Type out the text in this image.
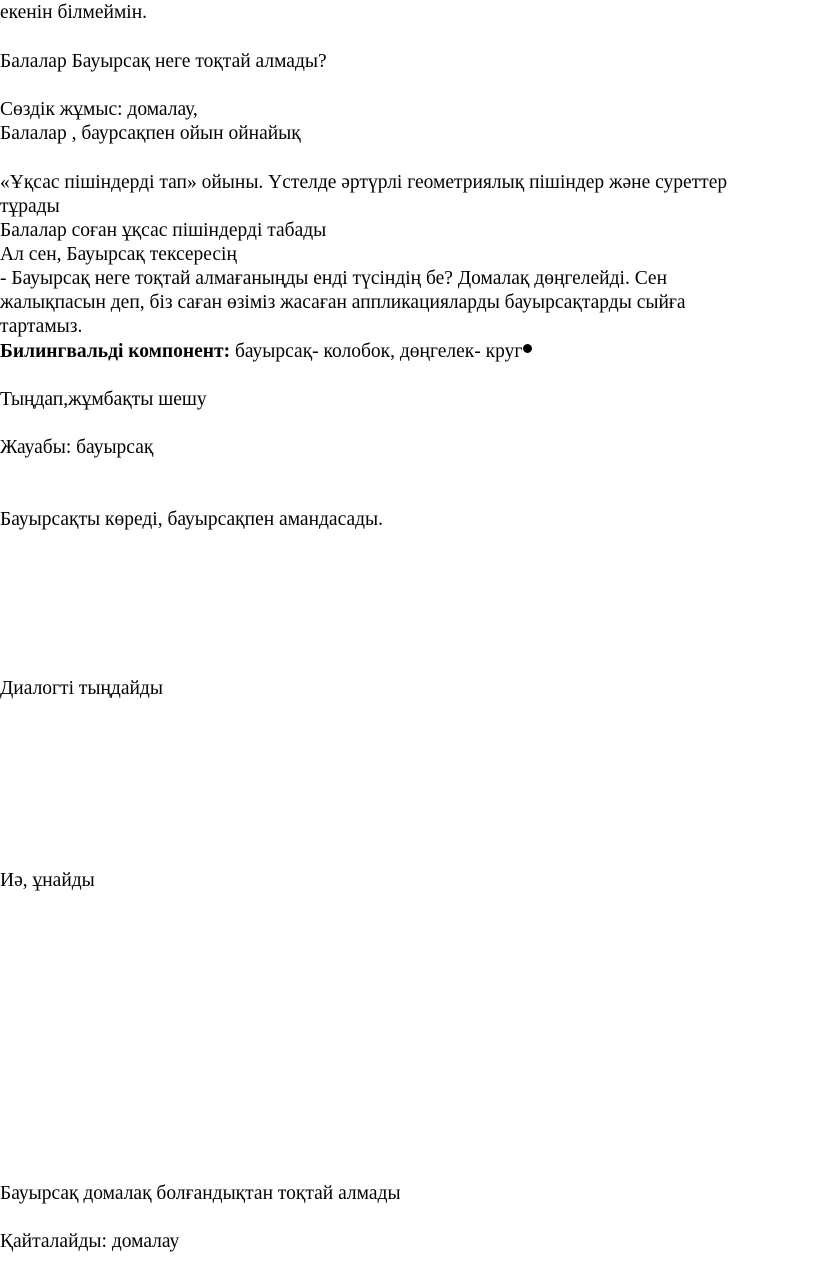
екенін білмеймін.

Балалар Бауырсақ неге тоқтай алмады?

Сөздік жұмыс: домалау,

Балалар , баурсақпен ойын ойнайық

«Ұқсас пішіндерді тап» ойыны. Үстелде әртүрлі геометриялық пішіндер және суреттер

тұрады

Балалар соған ұқсас пішіндерді табады

Ал сен, Бауырсақ тексересің

- Бауырсақ неге тоқтай алмағаныңды енді түсіндің бе? Домалақ дөңгелейді. Сен

жалықпасын деп, біз саған өзіміз жасаған аппликацияларды бауырсақтарды сыйға

тартамыз.

Билингвальді компонент: бауырсақ- колобок, дөңгелек- круг

Тыңдап,жұмбақты шешу

Жауабы: бауырсақ

Бауырсақты көреді, бауырсақпен амандасады.

Диалогті тыңдайды

Иә, ұнайды

Бауырсақ домалақ болғандықтан тоқтай алмады

Қайталайды: домалау
